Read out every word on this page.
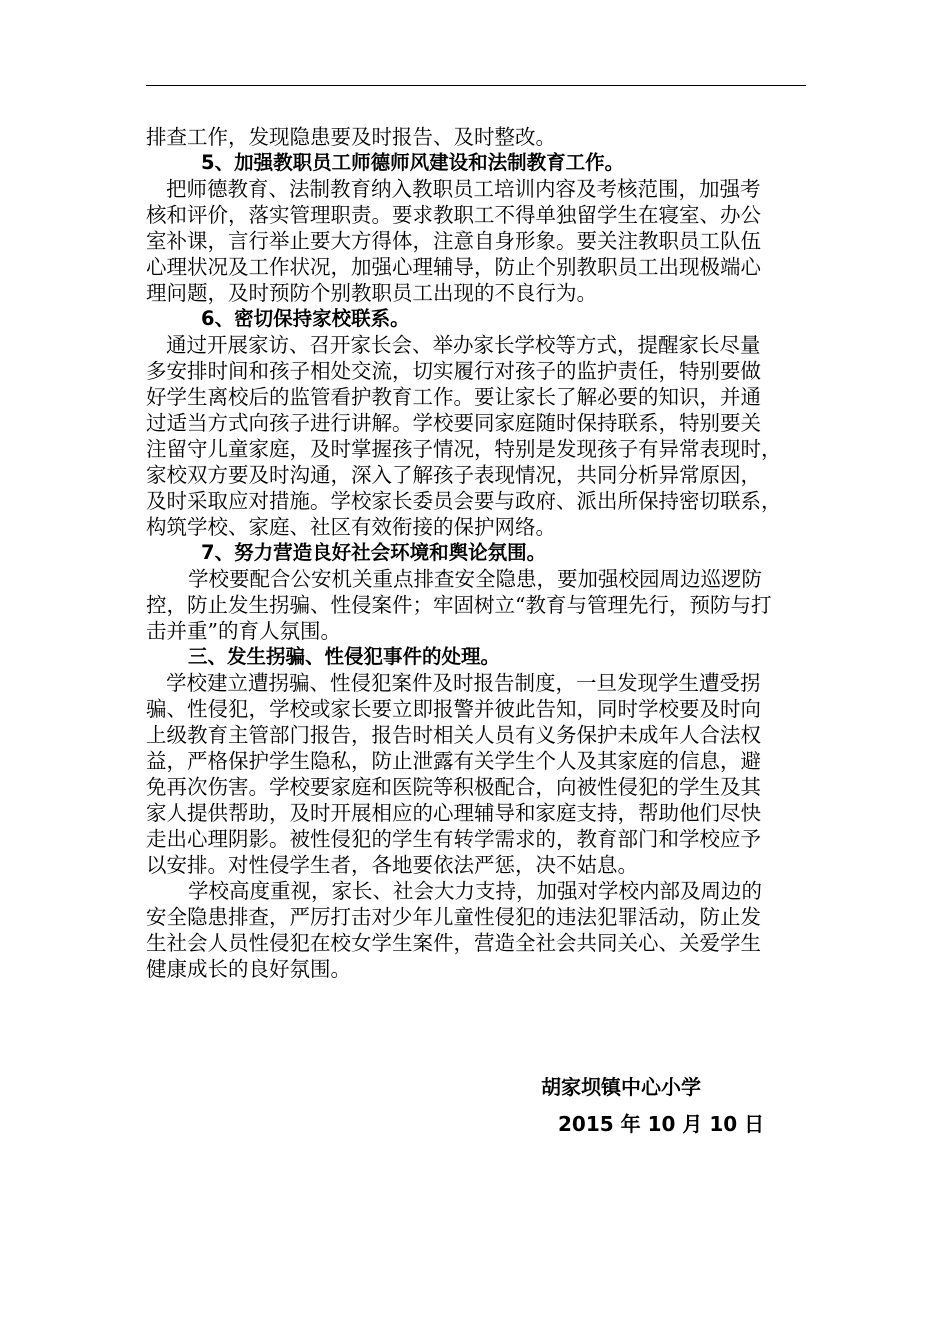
排查工作，发现隐患要及时报告、及时整改。
5、加强教职员工师德师风建设和法制教育工作。
把师德教育、法制教育纳入教职员工培训内容及考核范围，加强考
核和评价，落实管理职责。要求教职工不得单独留学生在寝室、办公
室补课，言行举止要大方得体，注意自身形象。要关注教职员工队伍
心理状况及工作状况，加强心理辅导，防止个别教职员工出现极端心
理问题，及时预防个别教职员工出现的不良行为。
6、密切保持家校联系。
通过开展家访、召开家长会、举办家长学校等方式，提醒家长尽量
多安排时间和孩子相处交流，切实履行对孩子的监护责任，特别要做
好学生离校后的监管看护教育工作。要让家长了解必要的知识，并通
过适当方式向孩子进行讲解。学校要同家庭随时保持联系，特别要关
注留守儿童家庭，及时掌握孩子情况，特别是发现孩子有异常表现时，
家校双方要及时沟通，深入了解孩子表现情况，共同分析异常原因，
及时采取应对措施。学校家长委员会要与政府、派出所保持密切联系，
构筑学校、家庭、社区有效衔接的保护网络。
7、努力营造良好社会环境和舆论氛围。
学校要配合公安机关重点排查安全隐患，要加强校园周边巡逻防
控，防止发生拐骗、性侵案件；牢固树立“教育与管理先行，预防与打
击并重”的育人氛围。
三、发生拐骗、性侵犯事件的处理。
学校建立遭拐骗、性侵犯案件及时报告制度，一旦发现学生遭受拐
骗、性侵犯，学校或家长要立即报警并彼此告知，同时学校要及时向
上级教育主管部门报告，报告时相关人员有义务保护未成年人合法权
益，严格保护学生隐私，防止泄露有关学生个人及其家庭的信息，避
免再次伤害。学校要家庭和医院等积极配合，向被性侵犯的学生及其
家人提供帮助，及时开展相应的心理辅导和家庭支持，帮助他们尽快
走出心理阴影。被性侵犯的学生有转学需求的，教育部门和学校应予
以安排。对性侵学生者，各地要依法严惩，决不姑息。
学校高度重视，家长、社会大力支持，加强对学校内部及周边的
安全隐患排查，严厉打击对少年儿童性侵犯的违法犯罪活动，防止发
生社会人员性侵犯在校女学生案件，营造全社会共同关心、关爱学生
健康成长的良好氛围。
胡家坝镇中心小学
2015 年 10 月 10 日
